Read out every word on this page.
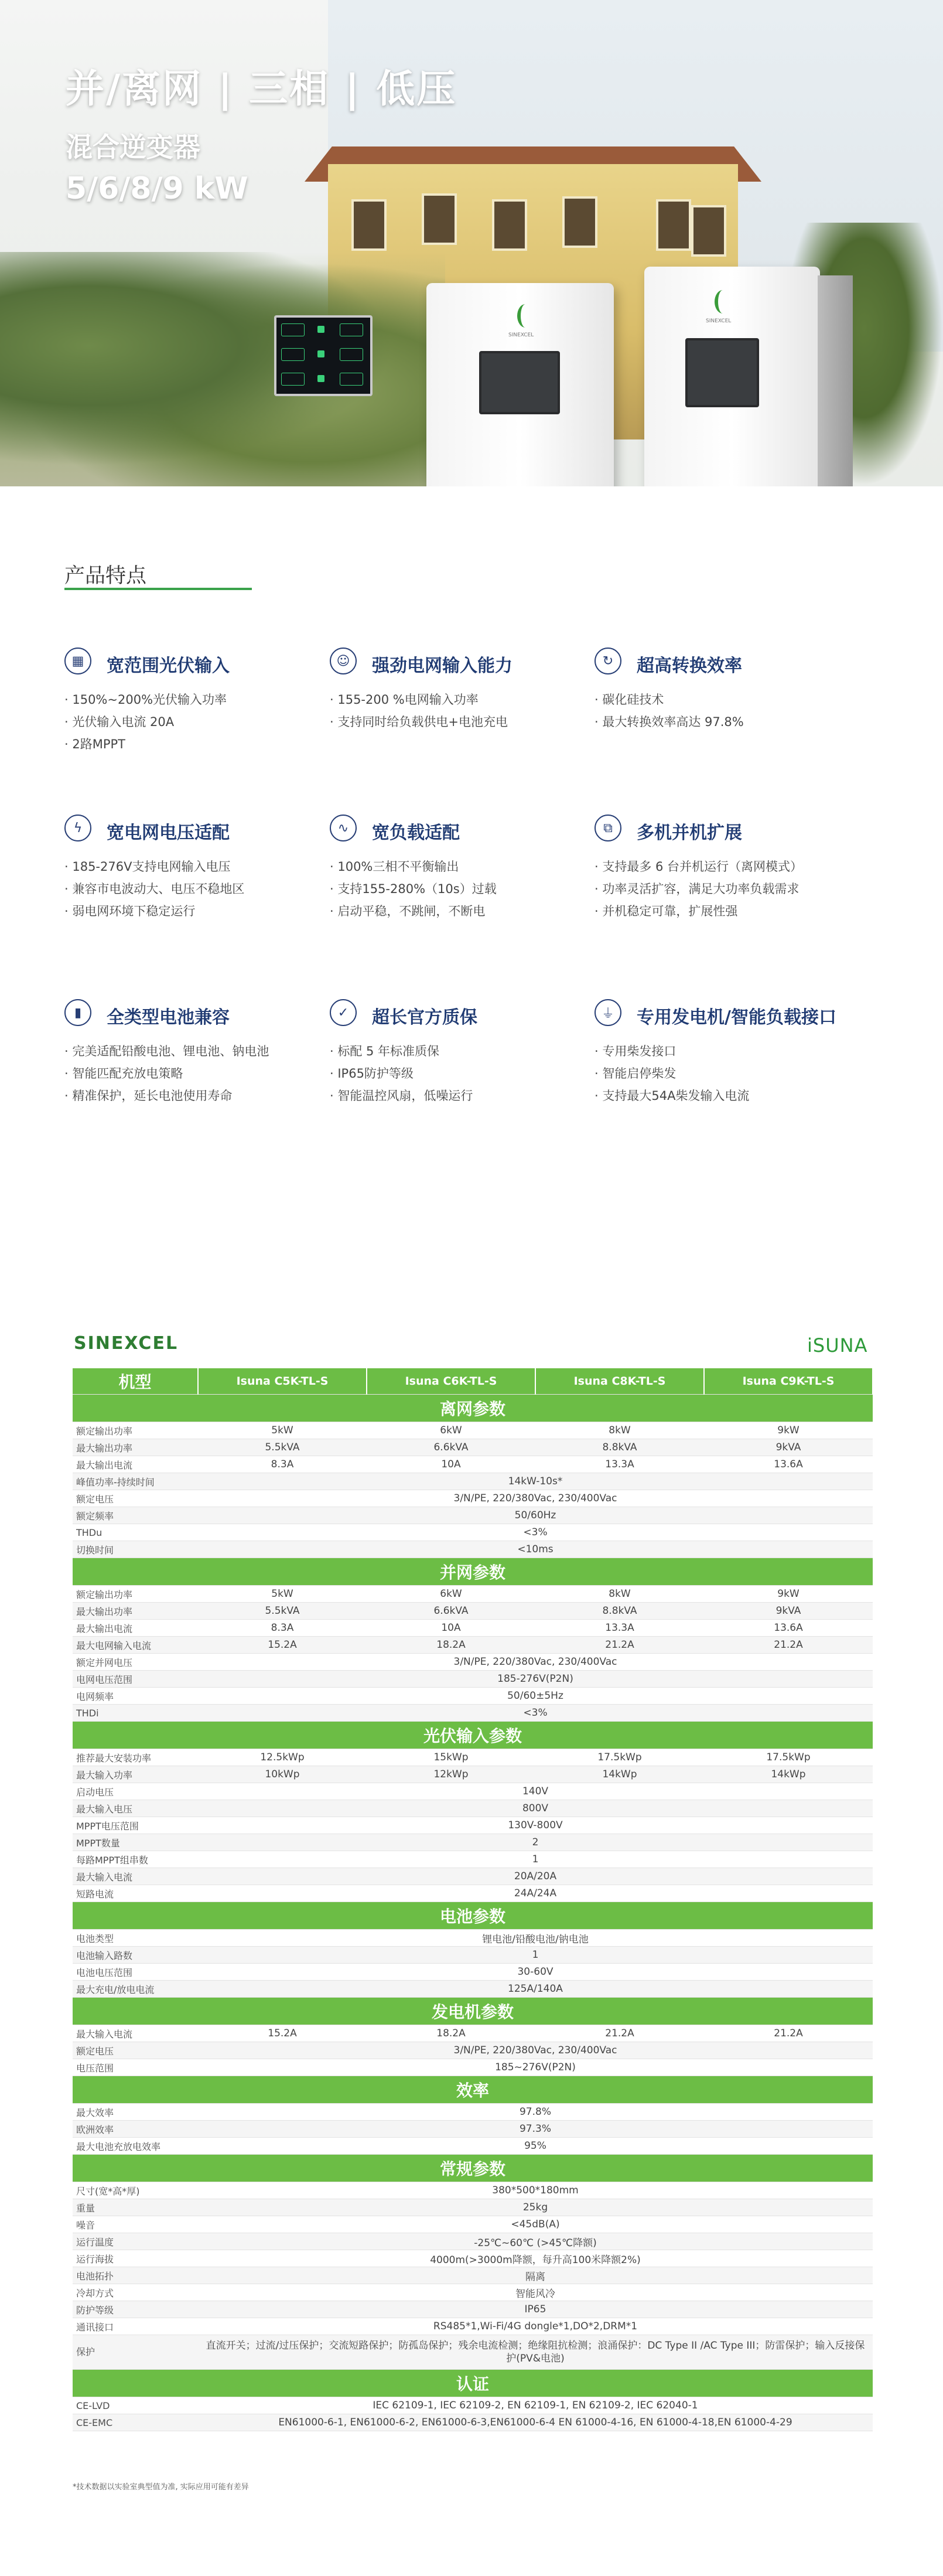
并/离网 | 三相 | 低压
混合逆变器
5/6/8/9 kW
SINEXCEL
SINEXCEL
产品特点
▦	宽范围光伏输入
· 150%~200%光伏输入功率
· 光伏输入电流 20A
· 2路MPPT
☺	强劲电网输入能力
· 155-200 %电网输入功率
· 支持同时给负载供电+电池充电
↻	超高转换效率
· 碳化硅技术
· 最大转换效率高达 97.8%
ϟ	宽电网电压适配
· 185-276V支持电网输入电压
· 兼容市电波动大、电压不稳地区
· 弱电网环境下稳定运行
∿	宽负载适配
· 100%三相不平衡输出
· 支持155-280%（10s）过载
· 启动平稳，不跳闸，不断电
⧉	多机并机扩展
· 支持最多 6 台并机运行（离网模式）
· 功率灵活扩容，满足大功率负载需求
· 并机稳定可靠，扩展性强
▮	全类型电池兼容
· 完美适配铅酸电池、锂电池、钠电池
· 智能匹配充放电策略
· 精准保护，延长电池使用寿命
✓	超长官方质保
· 标配 5 年标准质保
· IP65防护等级
· 智能温控风扇，低噪运行
⏚	专用发电机/智能负载接口
· 专用柴发接口
· 智能启停柴发
· 支持最大54A柴发输入电流
SINEXCEL	iSUNA
机型	Isuna C5K-TL-S	Isuna C6K-TL-S	Isuna C8K-TL-S	Isuna C9K-TL-S
离网参数				
额定输出功率	5kW	6kW	8kW	9kW
最大输出功率	5.5kVA	6.6kVA	8.8kVA	9kVA
最大输出电流	8.3A	10A	13.3A	13.6A
峰值功率-持续时间	14kW-10s*			
额定电压	3/N/PE, 220/380Vac, 230/400Vac			
额定频率	50/60Hz			
THDu	<3%			
切换时间	<10ms			
并网参数				
额定输出功率	5kW	6kW	8kW	9kW
最大输出功率	5.5kVA	6.6kVA	8.8kVA	9kVA
最大输出电流	8.3A	10A	13.3A	13.6A
最大电网输入电流	15.2A	18.2A	21.2A	21.2A
额定并网电压	3/N/PE, 220/380Vac, 230/400Vac			
电网电压范围	185-276V(P2N)			
电网频率	50/60±5Hz			
THDi	<3%			
光伏输入参数				
推荐最大安装功率	12.5kWp	15kWp	17.5kWp	17.5kWp
最大输入功率	10kWp	12kWp	14kWp	14kWp
启动电压	140V			
最大输入电压	800V			
MPPT电压范围	130V-800V			
MPPT数量	2			
每路MPPT组串数	1			
最大输入电流	20A/20A			
短路电流	24A/24A			
电池参数				
电池类型	锂电池/铅酸电池/钠电池			
电池输入路数	1			
电池电压范围	30-60V			
最大充电/放电电流	125A/140A			
发电机参数				
最大输入电流	15.2A	18.2A	21.2A	21.2A
额定电压	3/N/PE, 220/380Vac, 230/400Vac			
电压范围	185~276V(P2N)			
效率				
最大效率	97.8%			
欧洲效率	97.3%			
最大电池充放电效率	95%			
常规参数				
尺寸(宽*高*厚)	380*500*180mm			
重量	25kg			
噪音	<45dB(A)			
运行温度	-25℃~60℃ (>45℃降额)			
运行海拔	4000m(>3000m降额，每升高100米降额2%)			
电池拓扑	隔离			
冷却方式	智能风冷			
防护等级	IP65			
通讯接口	RS485*1,Wi-Fi/4G dongle*1,DO*2,DRM*1			
保护	直流开关；过流/过压保护；交流短路保护；防孤岛保护；残余电流检测；绝缘阻抗检测；浪涌保护：DC Type II /AC Type III；防雷保护；输入反接保护(PV&电池)			
认证				
CE-LVD	IEC 62109-1, IEC 62109-2, EN 62109-1, EN 62109-2, IEC 62040-1			
CE-EMC	EN61000-6-1, EN61000-6-2, EN61000-6-3,EN61000-6-4 EN 61000-4-16, EN 61000-4-18,EN 61000-4-29			
*技术数据以实验室典型值为准, 实际应用可能有差异
